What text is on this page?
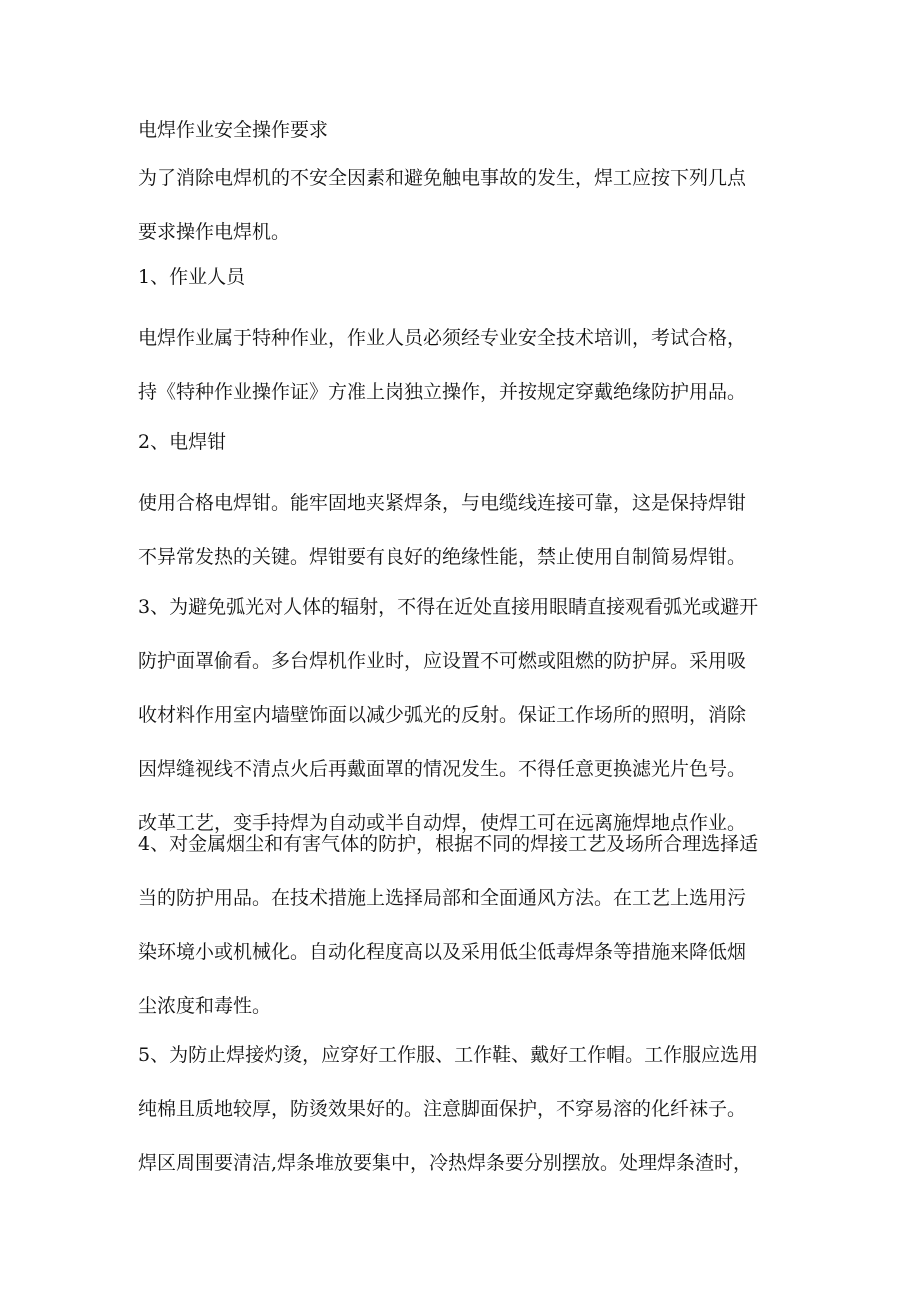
电焊作业安全操作要求
为了消除电焊机的不安全因素和避免触电事故的发生，焊工应按下列几点
要求操作电焊机。
1、作业人员
电焊作业属于特种作业，作业人员必须经专业安全技术培训，考试合格，
持《特种作业操作证》方准上岗独立操作，并按规定穿戴绝缘防护用品。
2、电焊钳
使用合格电焊钳。能牢固地夹紧焊条，与电缆线连接可靠，这是保持焊钳
不异常发热的关键。焊钳要有良好的绝缘性能，禁止使用自制简易焊钳。
3、为避免弧光对人体的辐射，不得在近处直接用眼睛直接观看弧光或避开
防护面罩偷看。多台焊机作业时，应设置不可燃或阻燃的防护屏。采用吸
收材料作用室内墙壁饰面以减少弧光的反射。保证工作场所的照明，消除
因焊缝视线不清点火后再戴面罩的情况发生。不得任意更换滤光片色号。
改革工艺，变手持焊为自动或半自动焊，使焊工可在远离施焊地点作业。
4、对金属烟尘和有害气体的防护，根据不同的焊接工艺及场所合理选择适
当的防护用品。在技术措施上选择局部和全面通风方法。在工艺上选用污
染环境小或机械化。自动化程度高以及采用低尘低毒焊条等措施来降低烟
尘浓度和毒性。
5、为防止焊接灼烫，应穿好工作服、工作鞋、戴好工作帽。工作服应选用
纯棉且质地较厚，防烫效果好的。注意脚面保护，不穿易溶的化纤袜子。
焊区周围要清洁,焊条堆放要集中，冷热焊条要分别摆放。处理焊条渣时，
